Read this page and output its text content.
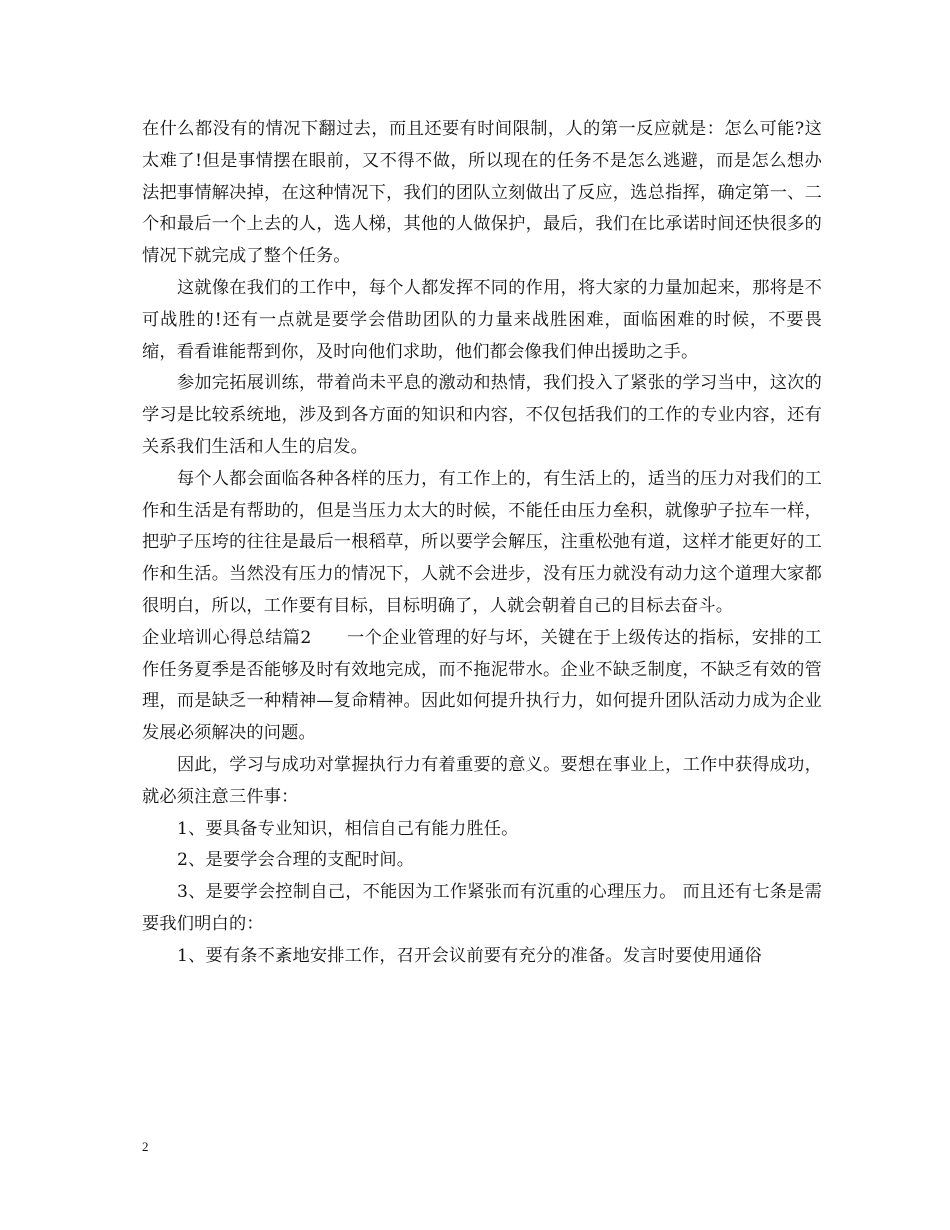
在什么都没有的情况下翻过去，而且还要有时间限制，人的第一反应就是：怎么可能?这太难了!但是事情摆在眼前，又不得不做，所以现在的任务不是怎么逃避，而是怎么想办法把事情解决掉，在这种情况下，我们的团队立刻做出了反应，选总指挥，确定第一、二个和最后一个上去的人，选人梯，其他的人做保护，最后，我们在比承诺时间还快很多的情况下就完成了整个任务。

这就像在我们的工作中，每个人都发挥不同的作用，将大家的力量加起来，那将是不可战胜的!还有一点就是要学会借助团队的力量来战胜困难，面临困难的时候，不要畏缩，看看谁能帮到你，及时向他们求助，他们都会像我们伸出援助之手。

参加完拓展训练，带着尚未平息的激动和热情，我们投入了紧张的学习当中，这次的学习是比较系统地，涉及到各方面的知识和内容，不仅包括我们的工作的专业内容，还有关系我们生活和人生的启发。

每个人都会面临各种各样的压力，有工作上的，有生活上的，适当的压力对我们的工作和生活是有帮助的，但是当压力太大的时候，不能任由压力垒积，就像驴子拉车一样，把驴子压垮的往往是最后一根稻草，所以要学会解压，注重松弛有道，这样才能更好的工作和生活。当然没有压力的情况下，人就不会进步，没有压力就没有动力这个道理大家都很明白，所以，工作要有目标，目标明确了，人就会朝着自己的目标去奋斗。

企业培训心得总结篇2　　一个企业管理的好与坏，关键在于上级传达的指标，安排的工作任务夏季是否能够及时有效地完成，而不拖泥带水。企业不缺乏制度，不缺乏有效的管理，而是缺乏一种精神—复命精神。因此如何提升执行力，如何提升团队活动力成为企业发展必须解决的问题。

因此，学习与成功对掌握执行力有着重要的意义。要想在事业上，工作中获得成功，就必须注意三件事：

1、要具备专业知识，相信自己有能力胜任。

2、是要学会合理的支配时间。

3、是要学会控制自己，不能因为工作紧张而有沉重的心理压力。 而且还有七条是需要我们明白的：

1、要有条不紊地安排工作，召开会议前要有充分的准备。发言时要使用通俗

2
